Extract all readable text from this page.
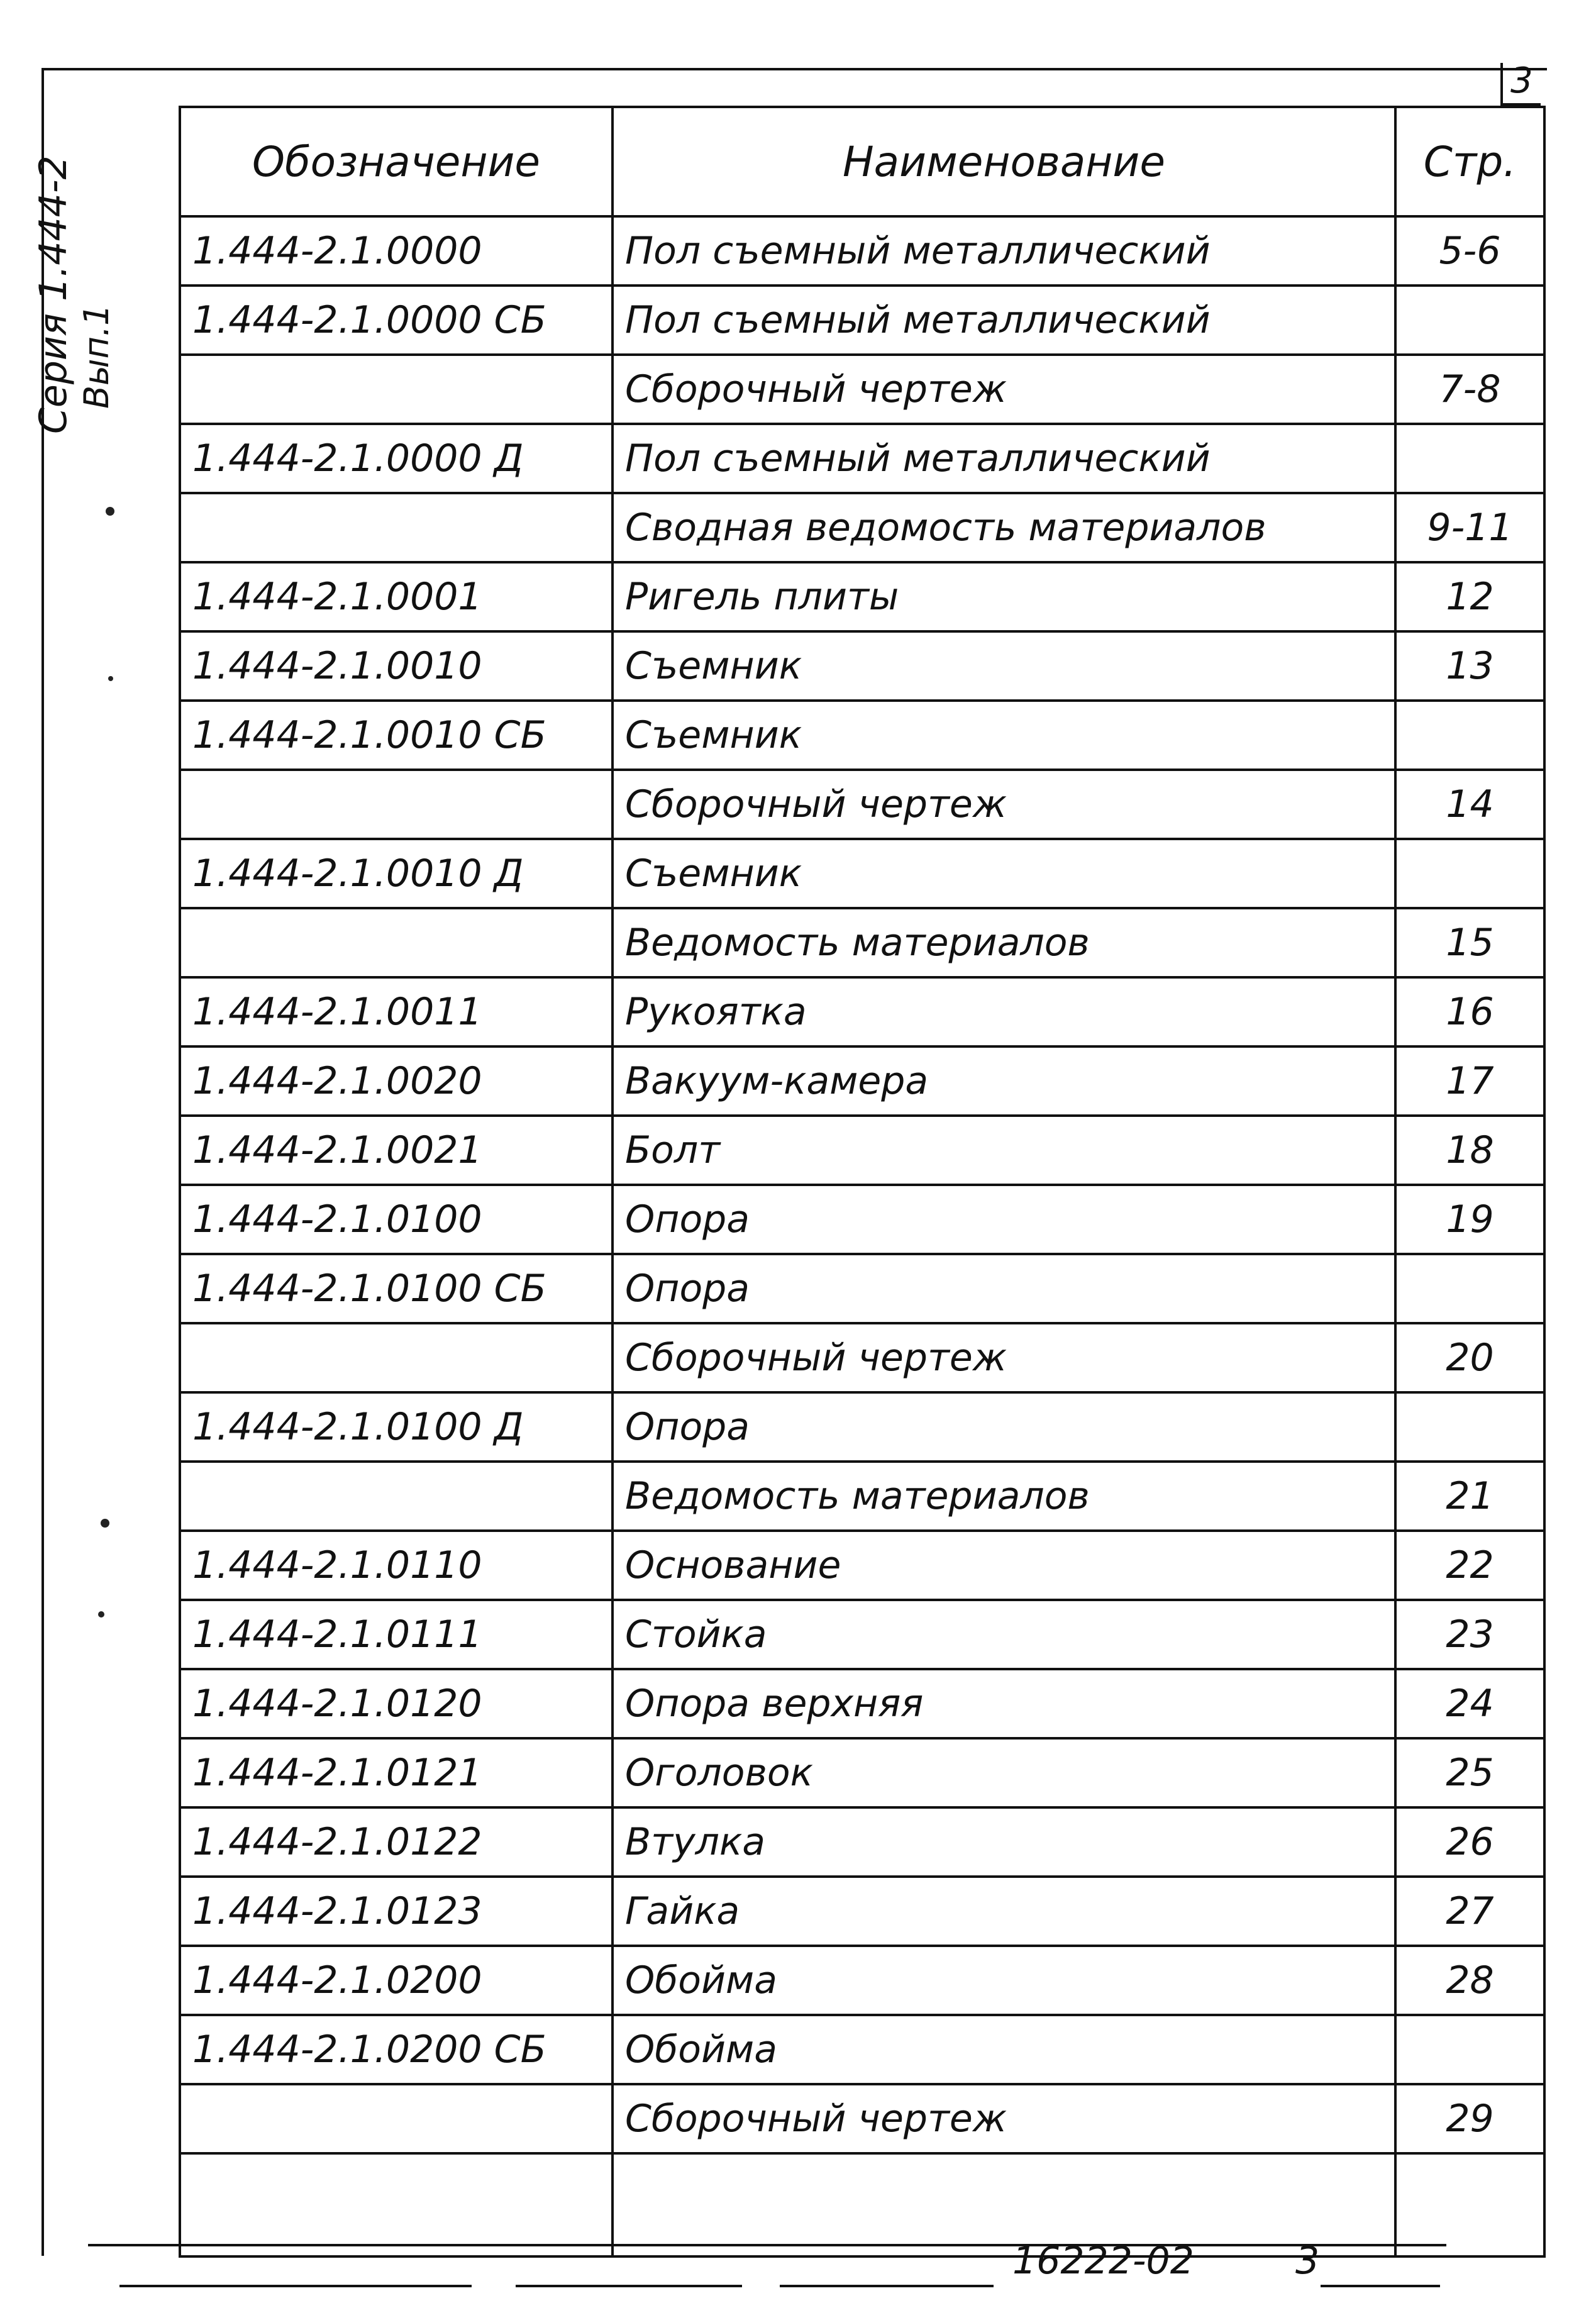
3
Серия 1.444-2 Вып.1
Обозначение	Наименование	Стр.
1.444-2.1.0000	Пол съемный металлический	5-6
1.444-2.1.0000 СБ	Пол съемный металлический	
	Сборочный чертеж	7-8
1.444-2.1.0000 Д	Пол съемный металлический	
	Сводная ведомость материалов	9-11
1.444-2.1.0001	Ригель плиты	12
1.444-2.1.0010	Съемник	13
1.444-2.1.0010 СБ	Съемник	
	Сборочный чертеж	14
1.444-2.1.0010 Д	Съемник	
	Ведомость материалов	15
1.444-2.1.0011	Рукоятка	16
1.444-2.1.0020	Вакуум-камера	17
1.444-2.1.0021	Болт	18
1.444-2.1.0100	Опора	19
1.444-2.1.0100 СБ	Опора	
	Сборочный чертеж	20
1.444-2.1.0100 Д	Опора	
	Ведомость материалов	21
1.444-2.1.0110	Основание	22
1.444-2.1.0111	Стойка	23
1.444-2.1.0120	Опора верхняя	24
1.444-2.1.0121	Оголовок	25
1.444-2.1.0122	Втулка	26
1.444-2.1.0123	Гайка	27
1.444-2.1.0200	Обойма	28
1.444-2.1.0200 СБ	Обойма	
	Сборочный чертеж	29

16222-02	3
